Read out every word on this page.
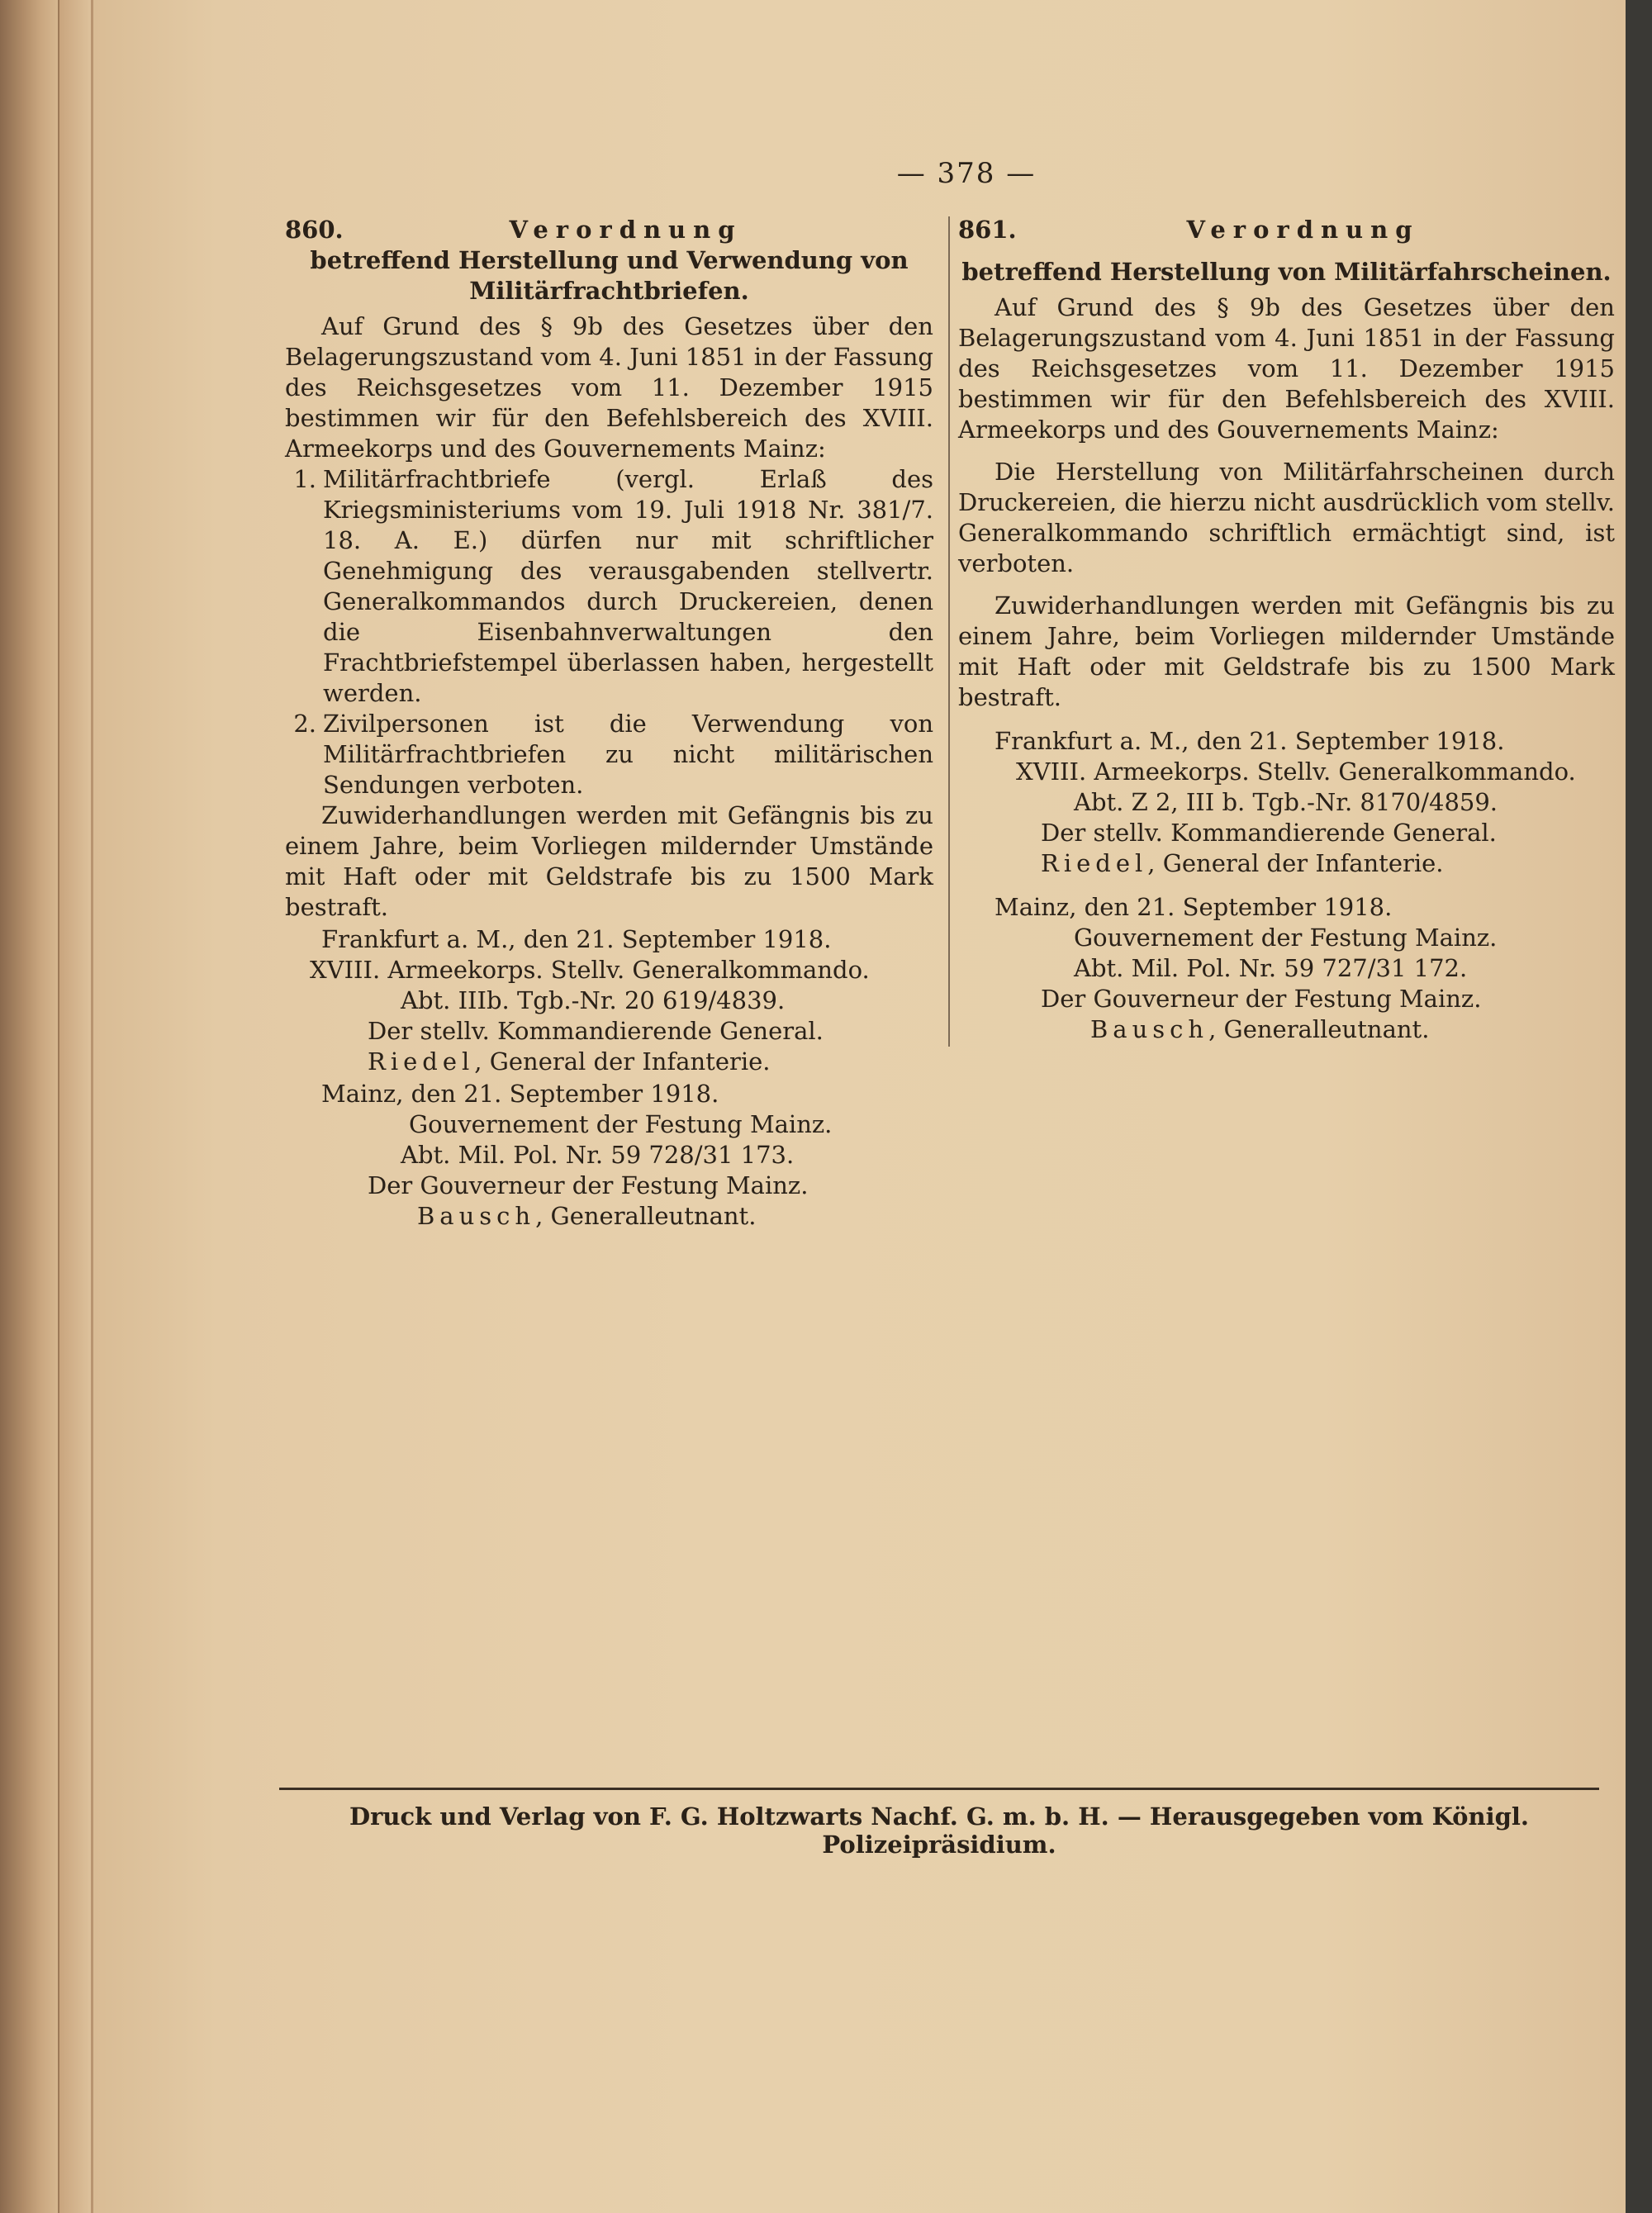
— 378 —
860.	Verordnung
betreffend Herstellung und Verwendung von Militärfrachtbriefen.

Auf Grund des § 9b des Gesetzes über den Belagerungszustand vom 4. Juni 1851 in der Fassung des Reichsgesetzes vom 11. Dezember 1915 bestimmen wir für den Befehlsbereich des XVIII. Armeekorps und des Gouvernements Mainz:

1. Militärfrachtbriefe (vergl. Erlaß des Kriegsministeriums vom 19. Juli 1918 Nr. 381/7. 18. A. E.) dürfen nur mit schriftlicher Genehmigung des verausgabenden stellvertr. Generalkommandos durch Druckereien, denen die Eisenbahnverwaltungen den Frachtbriefstempel überlassen haben, hergestellt werden.
2. Zivilpersonen ist die Verwendung von Militärfrachtbriefen zu nicht militärischen Sendungen verboten.

Zuwiderhandlungen werden mit Gefängnis bis zu einem Jahre, beim Vorliegen mildernder Umstände mit Haft oder mit Geldstrafe bis zu 1500 Mark bestraft.

Frankfurt a. M., den 21. September 1918.
XVIII. Armeekorps. Stellv. Generalkommando.
Abt. IIIb. Tgb.-Nr. 20 619/4839.
Der stellv. Kommandierende General.
Riedel, General der Infanterie.
Mainz, den 21. September 1918.
Gouvernement der Festung Mainz.
Abt. Mil. Pol. Nr. 59 728/31 173.
Der Gouverneur der Festung Mainz.
Bausch, Generalleutnant.
861.	Verordnung
betreffend Herstellung von Militärfahrscheinen.

Auf Grund des § 9b des Gesetzes über den Belagerungszustand vom 4. Juni 1851 in der Fassung des Reichsgesetzes vom 11. Dezember 1915 bestimmen wir für den Befehlsbereich des XVIII. Armeekorps und des Gouvernements Mainz:

Die Herstellung von Militärfahrscheinen durch Druckereien, die hierzu nicht ausdrücklich vom stellv. Generalkommando schriftlich ermächtigt sind, ist verboten.

Zuwiderhandlungen werden mit Gefängnis bis zu einem Jahre, beim Vorliegen mildernder Umstände mit Haft oder mit Geldstrafe bis zu 1500 Mark bestraft.

Frankfurt a. M., den 21. September 1918.
XVIII. Armeekorps. Stellv. Generalkommando.
Abt. Z 2, III b. Tgb.-Nr. 8170/4859.
Der stellv. Kommandierende General.
Riedel, General der Infanterie.
Mainz, den 21. September 1918.
Gouvernement der Festung Mainz.
Abt. Mil. Pol. Nr. 59 727/31 172.
Der Gouverneur der Festung Mainz.
Bausch, Generalleutnant.
Druck und Verlag von F. G. Holtzwarts Nachf. G. m. b. H. — Herausgegeben vom Königl. Polizeipräsidium.
